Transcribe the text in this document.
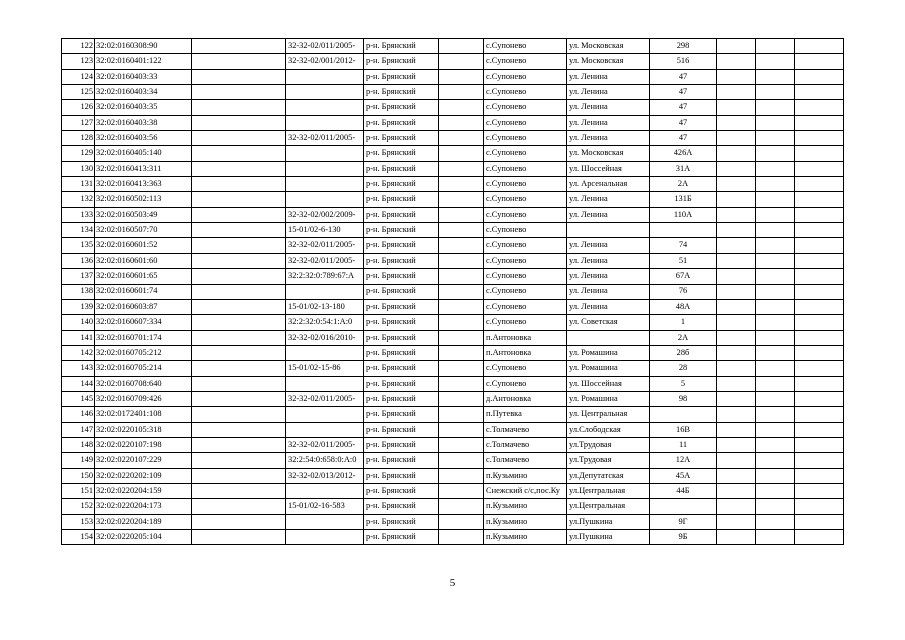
122	32:02:0160308:90		32-32-02/011/2005-	р-н. Брянский		с.Супонево	ул. Московская	298			
123	32:02:0160401:122		32-32-02/001/2012-	р-н. Брянский		с.Супонево	ул. Московская	516			
124	32:02:0160403:33			р-н. Брянский		с.Супонево	ул. Ленина	47			
125	32:02:0160403:34			р-н. Брянский		с.Супонево	ул. Ленина	47			
126	32:02:0160403:35			р-н. Брянский		с.Супонево	ул. Ленина	47			
127	32:02:0160403:38			р-н. Брянский		с.Супонево	ул. Ленина	47			
128	32:02:0160403:56		32-32-02/011/2005-	р-н. Брянский		с.Супонево	ул. Ленина	47			
129	32:02:0160405:140			р-н. Брянский		с.Супонево	ул. Московская	426А			
130	32:02:0160413:311			р-н. Брянский		с.Супонево	ул. Шоссейная	31А			
131	32:02:0160413:363			р-н. Брянский		с.Супонево	ул. Арсенальная	2А			
132	32:02:0160502:113			р-н. Брянский		с.Супонево	ул. Ленина	131Б			
133	32:02:0160503:49		32-32-02/002/2009-	р-н. Брянский		с.Супонево	ул. Ленина	110А			
134	32:02:0160507:70		15-01/02-6-130	р-н. Брянский		с.Супонево					
135	32:02:0160601:52		32-32-02/011/2005-	р-н. Брянский		с.Супонево	ул. Ленина	74			
136	32:02:0160601:60		32-32-02/011/2005-	р-н. Брянский		с.Супонево	ул. Ленина	51			
137	32:02:0160601:65		32:2:32:0:789:67:А	р-н. Брянский		с.Супонево	ул. Ленина	67А			
138	32:02:0160601:74			р-н. Брянский		с.Супонево	ул. Ленина	76			
139	32:02:0160603:87		15-01/02-13-180	р-н. Брянский		с.Супонево	ул. Ленина	48А			
140	32:02:0160607:334		32:2:32:0:54:1:А:0	р-н. Брянский		с.Супонево	ул. Советская	1			
141	32:02:0160701:174		32-32-02/016/2010-	р-н. Брянский		п.Антоновка		2А			
142	32:02:0160705:212			р-н. Брянский		п.Антоновка	ул. Ромашина	28б			
143	32:02:0160705:214		15-01/02-15-86	р-н. Брянский		с.Супонево	ул. Ромашина	28			
144	32:02:0160708:640			р-н. Брянский		с.Супонево	ул. Шоссейная	5			
145	32:02:0160709:426		32-32-02/011/2005-	р-н. Брянский		д.Антоновка	ул. Ромашина	98			
146	32:02:0172401:108			р-н. Брянский		п.Путевка	ул. Центральная				
147	32:02:0220105:318			р-н. Брянский		с.Толмачево	ул.Слободская	16В			
148	32:02:0220107:198		32-32-02/011/2005-	р-н. Брянский		с.Толмачево	ул.Трудовая	11			
149	32:02:0220107:229		32:2:54:0:658:0:А:0	р-н. Брянский		с.Толмачево	ул.Трудовая	12А			
150	32:02:0220202:109		32-32-02/013/2012-	р-н. Брянский		п.Кузьмино	ул.Депутатская	45А			
151	32:02:0220204:159			р-н. Брянский		Снежский с/с,пос.Ку	ул.Центральная	44Б			
152	32:02:0220204:173		15-01/02-16-583	р-н. Брянский		п.Кузьмино	ул.Центральная				
153	32:02:0220204:189			р-н. Брянский		п.Кузьмино	ул.Пушкина	9Г			
154	32:02:0220205:104			р-н. Брянский		п.Кузьмино	ул.Пушкина	9Б			
5
